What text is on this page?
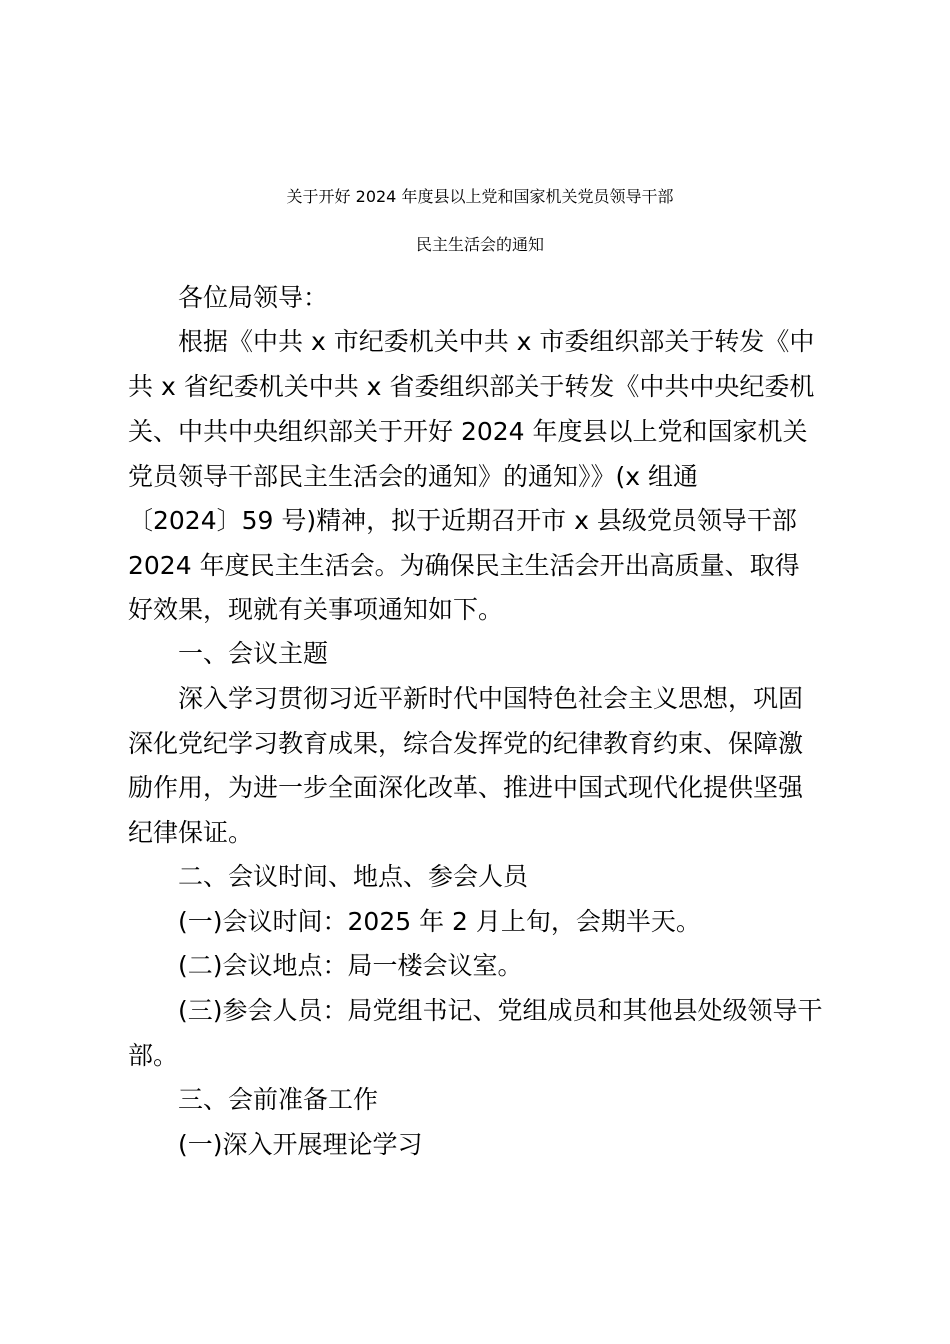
关于开好 2024 年度县以上党和国家机关党员领导干部
民主生活会的通知
各位局领导：
根据《中共 x 市纪委机关中共 x 市委组织部关于转发《中
共 x 省纪委机关中共 x 省委组织部关于转发《中共中央纪委机
关、中共中央组织部关于开好 2024 年度县以上党和国家机关
党员领导干部民主生活会的通知》的通知》》(x 组通
〔2024〕59 号)精神，拟于近期召开市 x 县级党员领导干部
2024 年度民主生活会。为确保民主生活会开出高质量、取得
好效果，现就有关事项通知如下。
一、会议主题
深入学习贯彻习近平新时代中国特色社会主义思想，巩固
深化党纪学习教育成果，综合发挥党的纪律教育约束、保障激
励作用，为进一步全面深化改革、推进中国式现代化提供坚强
纪律保证。
二、会议时间、地点、参会人员
(一)会议时间：2025 年 2 月上旬，会期半天。
(二)会议地点：局一楼会议室。
(三)参会人员：局党组书记、党组成员和其他县处级领导干
部。
三、会前准备工作
(一)深入开展理论学习
